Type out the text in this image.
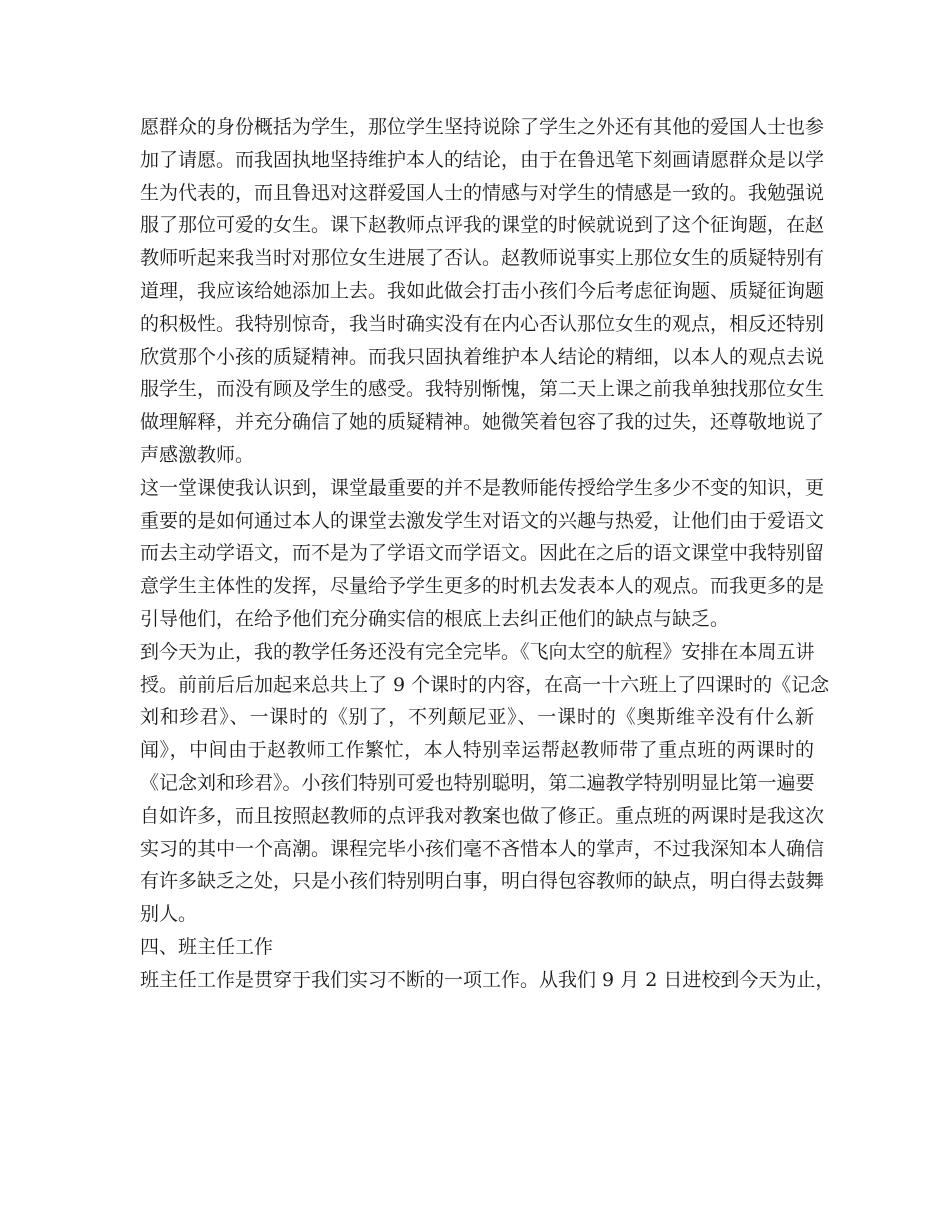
愿群众的身份概括为学生，那位学生坚持说除了学生之外还有其他的爱国人士也参
加了请愿。而我固执地坚持维护本人的结论，由于在鲁迅笔下刻画请愿群众是以学
生为代表的，而且鲁迅对这群爱国人士的情感与对学生的情感是一致的。我勉强说
服了那位可爱的女生。课下赵教师点评我的课堂的时候就说到了这个征询题，在赵
教师听起来我当时对那位女生进展了否认。赵教师说事实上那位女生的质疑特别有
道理，我应该给她添加上去。我如此做会打击小孩们今后考虑征询题、质疑征询题
的积极性。我特别惊奇，我当时确实没有在内心否认那位女生的观点，相反还特别
欣赏那个小孩的质疑精神。而我只固执着维护本人结论的精细，以本人的观点去说
服学生，而没有顾及学生的感受。我特别惭愧，第二天上课之前我单独找那位女生
做理解释，并充分确信了她的质疑精神。她微笑着包容了我的过失，还尊敬地说了
声感激教师。
这一堂课使我认识到，课堂最重要的并不是教师能传授给学生多少不变的知识，更
重要的是如何通过本人的课堂去激发学生对语文的兴趣与热爱，让他们由于爱语文
而去主动学语文，而不是为了学语文而学语文。因此在之后的语文课堂中我特别留
意学生主体性的发挥，尽量给予学生更多的时机去发表本人的观点。而我更多的是
引导他们，在给予他们充分确实信的根底上去纠正他们的缺点与缺乏。
到今天为止，我的教学任务还没有完全完毕。《飞向太空的航程》安排在本周五讲
授。前前后后加起来总共上了 9 个课时的内容，在高一十六班上了四课时的《记念
刘和珍君》、一课时的《别了，不列颠尼亚》、一课时的《奥斯维辛没有什么新
闻》，中间由于赵教师工作繁忙，本人特别幸运帮赵教师带了重点班的两课时的
《记念刘和珍君》。小孩们特别可爱也特别聪明，第二遍教学特别明显比第一遍要
自如许多，而且按照赵教师的点评我对教案也做了修正。重点班的两课时是我这次
实习的其中一个高潮。课程完毕小孩们毫不吝惜本人的掌声，不过我深知本人确信
有许多缺乏之处，只是小孩们特别明白事，明白得包容教师的缺点，明白得去鼓舞
别人。
四、班主任工作
班主任工作是贯穿于我们实习不断的一项工作。从我们 9 月 2 日进校到今天为止，
